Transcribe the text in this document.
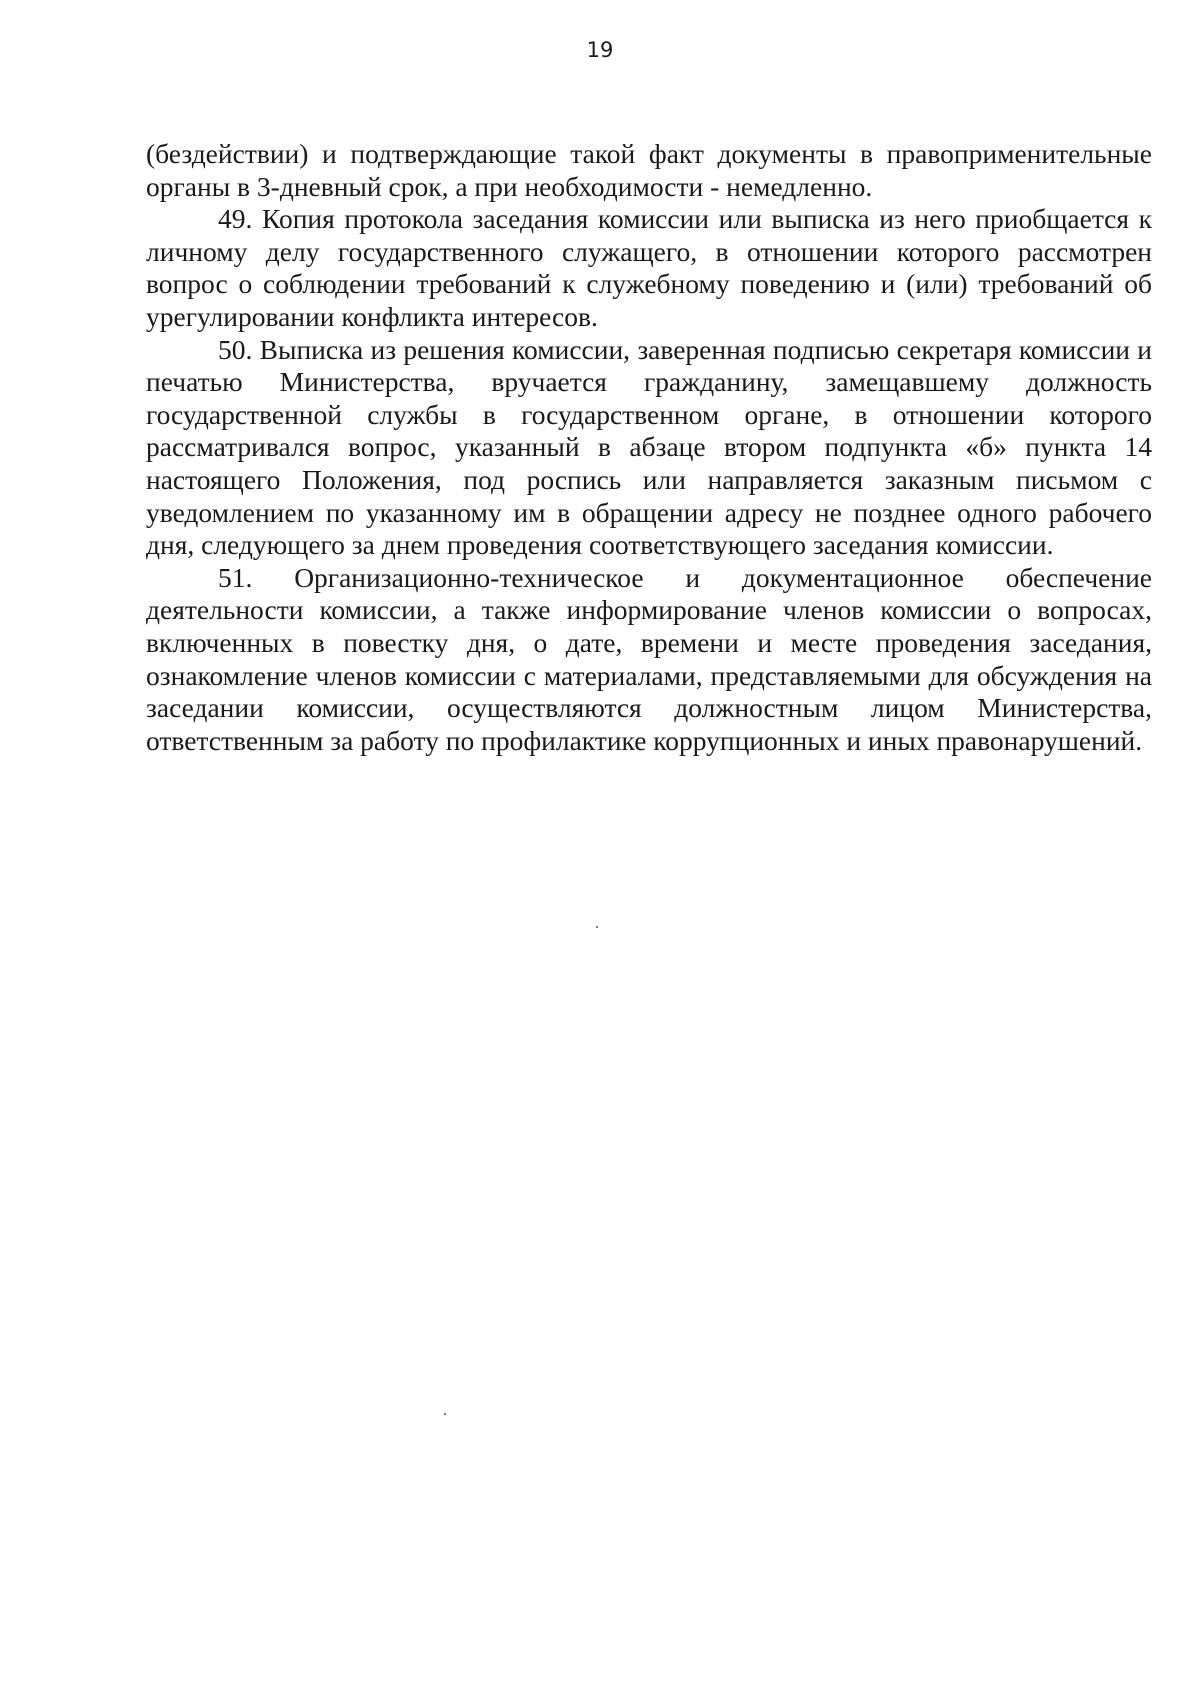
19

(бездействии) и подтверждающие такой факт документы в правоприменительные органы в 3-дневный срок, а при необходимости - немедленно.

49. Копия протокола заседания комиссии или выписка из него приобщается к личному делу государственного служащего, в отношении которого рассмотрен вопрос о соблюдении требований к служебному поведению и (или) требований об урегулировании конфликта интересов.

50. Выписка из решения комиссии, заверенная подписью секретаря комиссии и печатью Министерства, вручается гражданину, замещавшему должность государственной службы в государственном органе, в отношении которого рассматривался вопрос, указанный в абзаце втором подпункта «б» пункта 14 настоящего Положения, под роспись или направляется заказным письмом с уведомлением по указанному им в обращении адресу не позднее одного рабочего дня, следующего за днем проведения соответствующего заседания комиссии.

51. Организационно-техническое и документационное обеспечение деятельности комиссии, а также информирование членов комиссии о вопросах, включенных в повестку дня, о дате, времени и месте проведения заседания, ознакомление членов комиссии с материалами, представляемыми для обсуждения на заседании комиссии, осуществляются должностным лицом Министерства, ответственным за работу по профилактике коррупционных и иных правонарушений.
